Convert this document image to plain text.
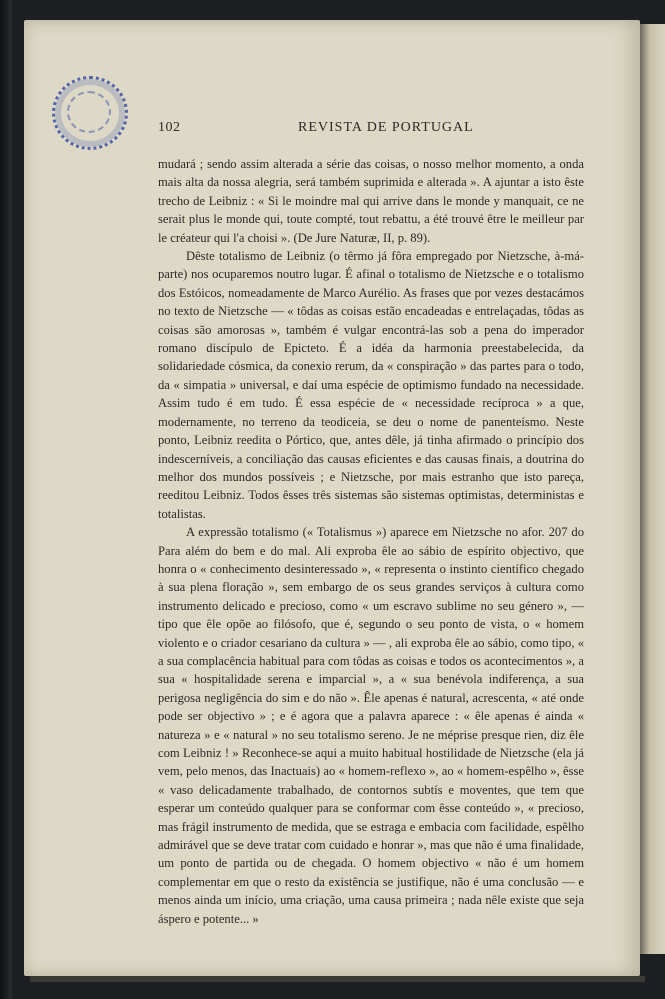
102	REVISTA DE PORTUGAL

mudará ; sendo assim alterada a série das coisas, o nosso melhor momento, a onda mais alta da nossa alegria, será também suprimida e alterada ». A ajuntar a isto êste trecho de Leibniz : « Si le moindre mal qui arrive dans le monde y manquait, ce ne serait plus le monde qui, toute compté, tout rebattu, a été trouvé être le meilleur par le créateur qui l'a choisi ». (De Jure Naturæ, II, p. 89).

Dêste totalismo de Leibniz (o têrmo já fôra empregado por Nietzsche, à-má-parte) nos ocuparemos noutro lugar. É afinal o totalismo de Nietzsche e o totalismo dos Estóicos, nomeadamente de Marco Aurélio. As frases que por vezes destacámos no texto de Nietzsche — « tôdas as coisas estão encadeadas e entrelaçadas, tôdas as coisas são amorosas », também é vulgar encontrá-las sob a pena do imperador romano discípulo de Epicteto. É a idéa da harmonia preestabelecida, da solidariedade cósmica, da conexio rerum, da « conspiração » das partes para o todo, da « simpatia » universal, e daí uma espécie de optimismo fundado na necessidade. Assim tudo é em tudo. É essa espécie de « necessidade recíproca » a que, modernamente, no terreno da teodiceia, se deu o nome de panenteísmo. Neste ponto, Leibniz reedita o Pórtico, que, antes dêle, já tinha afirmado o princípio dos indescerníveis, a conciliação das causas eficientes e das causas finais, a doutrina do melhor dos mundos possíveis ; e Nietzsche, por mais estranho que isto pareça, reeditou Leibniz. Todos êsses três sistemas são sistemas optimistas, deterministas e totalistas.

A expressão totalismo (« Totalismus ») aparece em Nietzsche no afor. 207 do Para além do bem e do mal. Ali exproba êle ao sábio de espírito objectivo, que honra o « conhecimento desinteressado », « representa o instinto científico chegado à sua plena floração », sem embargo de os seus grandes serviços à cultura como instrumento delicado e precioso, como « um escravo sublime no seu género », — tipo que êle opõe ao filósofo, que é, segundo o seu ponto de vista, o « homem violento e o criador cesariano da cultura » — , ali exproba êle ao sábio, como tipo, « a sua complacência habitual para com tôdas as coisas e todos os acontecimentos », a sua « hospitalidade serena e imparcial », a « sua benévola indiferença, a sua perigosa negligência do sim e do não ». Êle apenas é natural, acrescenta, « até onde pode ser objectivo » ; e é agora que a palavra aparece : « êle apenas é ainda « natureza » e « natural » no seu totalismo sereno. Je ne méprise presque rien, diz êle com Leibniz ! » Reconhece-se aqui a muito habitual hostilidade de Nietzsche (ela já vem, pelo menos, das Inactuais) ao « homem-reflexo », ao « homem-espêlho », êsse « vaso delicadamente trabalhado, de contornos subtís e moventes, que tem que esperar um conteúdo qualquer para se conformar com êsse conteúdo », « precioso, mas frágil instrumento de medida, que se estraga e embacia com facilidade, espêlho admirável que se deve tratar com cuidado e honrar », mas que não é uma finalidade, um ponto de partida ou de chegada. O homem objectivo « não é um homem complementar em que o resto da existência se justifique, não é uma conclusão — e menos ainda um início, uma criação, uma causa primeira ; nada nêle existe que seja áspero e potente... »
